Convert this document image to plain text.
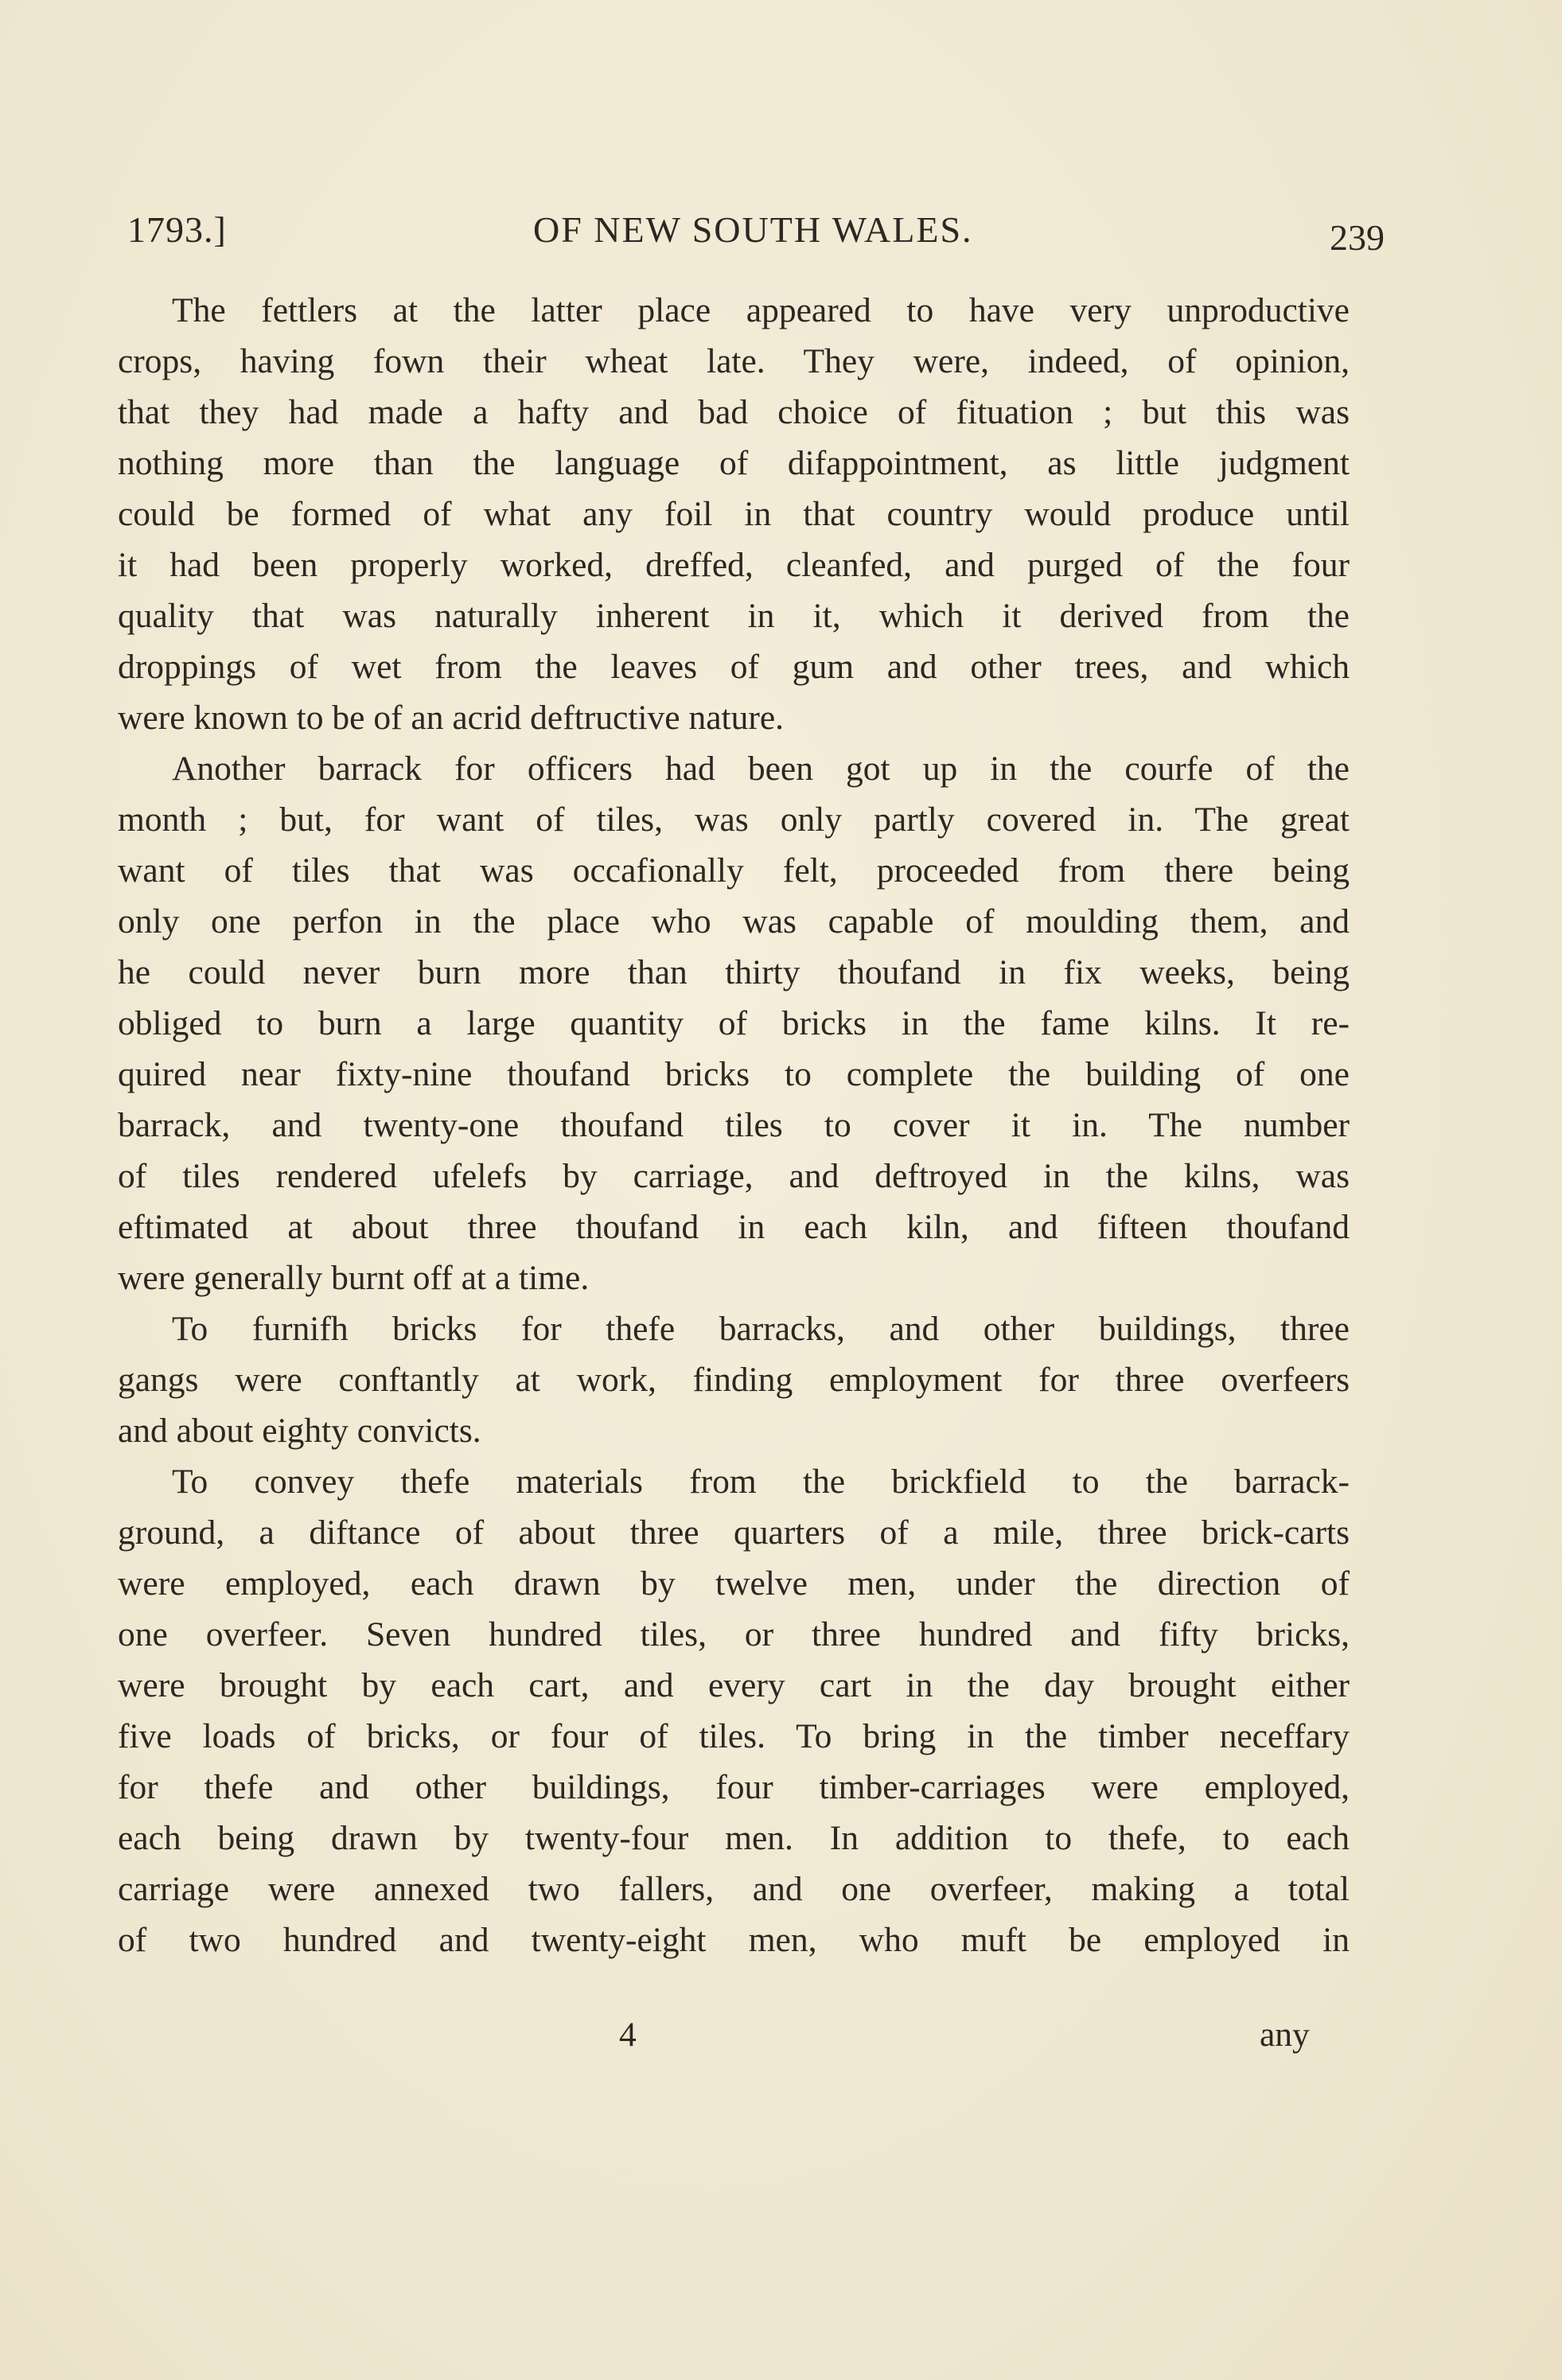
1793.]	OF NEW SOUTH WALES.	239
The fettlers at the latter place appeared to have very unproductive
crops, having fown their wheat late. They were, indeed, of opinion,
that they had made a hafty and bad choice of fituation ; but this was
nothing more than the language of difappointment, as little judgment
could be formed of what any foil in that country would produce until
it had been properly worked, dreffed, cleanfed, and purged of the four
quality that was naturally inherent in it, which it derived from the
droppings of wet from the leaves of gum and other trees, and which
were known to be of an acrid deftructive nature.
Another barrack for officers had been got up in the courfe of the
month ; but, for want of tiles, was only partly covered in. The great
want of tiles that was occafionally felt, proceeded from there being
only one perfon in the place who was capable of moulding them, and
he could never burn more than thirty thoufand in fix weeks, being
obliged to burn a large quantity of bricks in the fame kilns. It re-
quired near fixty-nine thoufand bricks to complete the building of one
barrack, and twenty-one thoufand tiles to cover it in. The number
of tiles rendered ufelefs by carriage, and deftroyed in the kilns, was
eftimated at about three thoufand in each kiln, and fifteen thoufand
were generally burnt off at a time.
To furnifh bricks for thefe barracks, and other buildings, three
gangs were conftantly at work, finding employment for three overfeers
and about eighty convicts.
To convey thefe materials from the brickfield to the barrack-
ground, a diftance of about three quarters of a mile, three brick-carts
were employed, each drawn by twelve men, under the direction of
one overfeer. Seven hundred tiles, or three hundred and fifty bricks,
were brought by each cart, and every cart in the day brought either
five loads of bricks, or four of tiles. To bring in the timber neceffary
for thefe and other buildings, four timber-carriages were employed,
each being drawn by twenty-four men. In addition to thefe, to each
carriage were annexed two fallers, and one overfeer, making a total
of two hundred and twenty-eight men, who muft be employed in
4	any
